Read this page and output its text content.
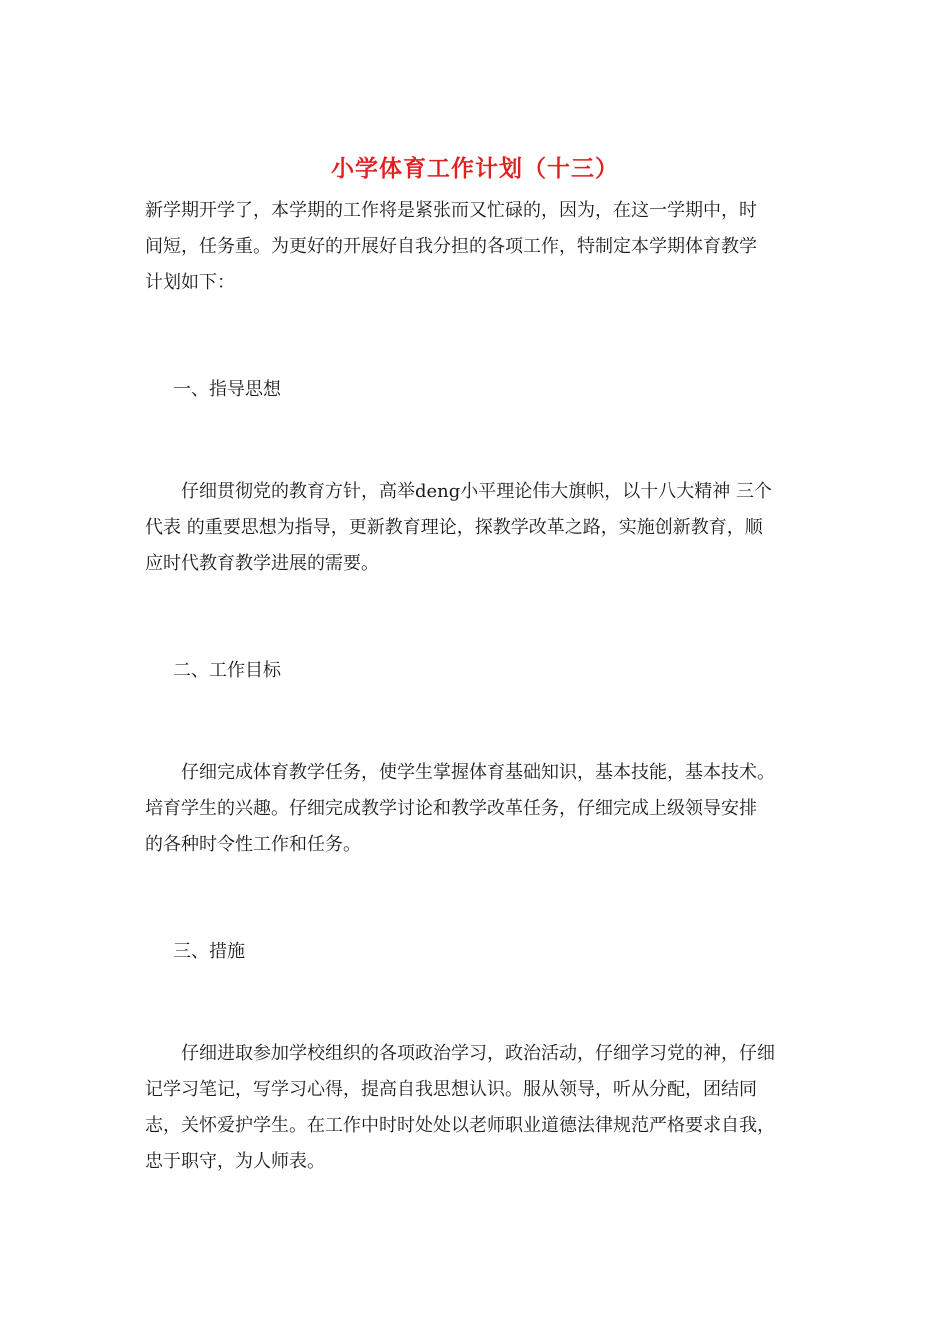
小学体育工作计划（十三）
新学期开学了，本学期的工作将是紧张而又忙碌的，因为，在这一学期中，时
间短，任务重。为更好的开展好自我分担的各项工作，特制定本学期体育教学
计划如下：
一、指导思想
　　仔细贯彻党的教育方针，高举deng小平理论伟大旗帜，以十八大精神 三个
代表 的重要思想为指导，更新教育理论，探教学改革之路，实施创新教育，顺
应时代教育教学进展的需要。
二、工作目标
　　仔细完成体育教学任务，使学生掌握体育基础知识，基本技能，基本技术。
培育学生的兴趣。仔细完成教学讨论和教学改革任务，仔细完成上级领导安排
的各种时令性工作和任务。
三、措施
　　仔细进取参加学校组织的各项政治学习，政治活动，仔细学习党的神，仔细
记学习笔记，写学习心得，提高自我思想认识。服从领导，听从分配，团结同
志，关怀爱护学生。在工作中时时处处以老师职业道德法律规范严格要求自我，
忠于职守，为人师表。
